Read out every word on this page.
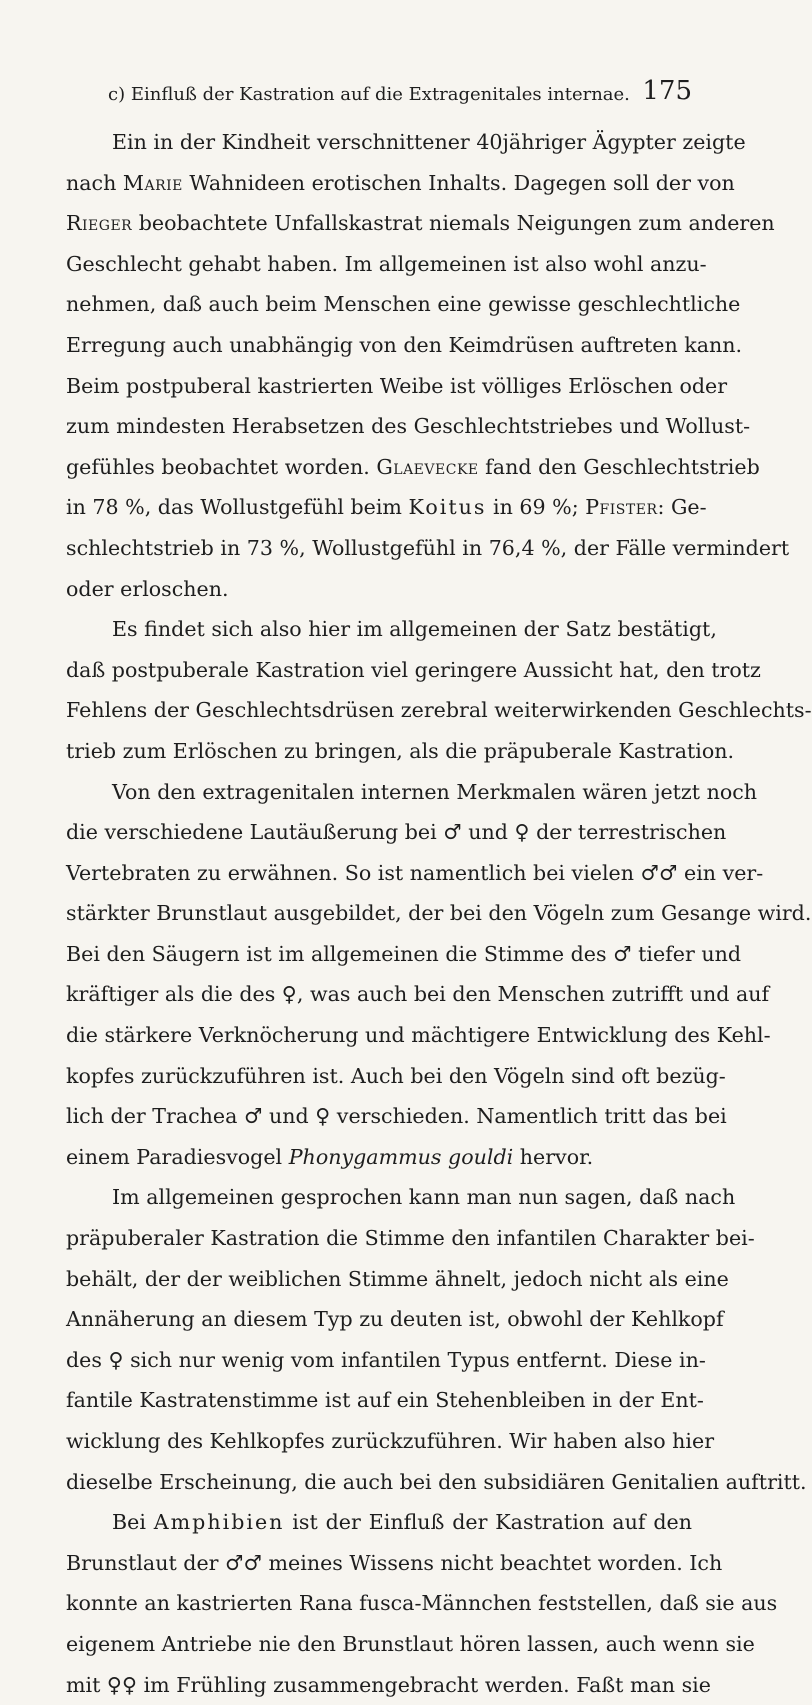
c) Einfluß der Kastration auf die Extragenitales internae. 175
Ein in der Kindheit verschnittener 40jähriger Ägypter zeigte
nach Marie Wahnideen erotischen Inhalts. Dagegen soll der von
Rieger beobachtete Unfallskastrat niemals Neigungen zum anderen
Geschlecht gehabt haben. Im allgemeinen ist also wohl anzu-
nehmen, daß auch beim Menschen eine gewisse geschlechtliche
Erregung auch unabhängig von den Keimdrüsen auftreten kann.
Beim postpuberal kastrierten Weibe ist völliges Erlöschen oder
zum mindesten Herabsetzen des Geschlechtstriebes und Wollust-
gefühles beobachtet worden. Glaevecke fand den Geschlechtstrieb
in 78 %, das Wollustgefühl beim Koitus in 69 %; Pfister: Ge-
schlechtstrieb in 73 %, Wollustgefühl in 76,4 %, der Fälle vermindert
oder erloschen.
Es findet sich also hier im allgemeinen der Satz bestätigt,
daß postpuberale Kastration viel geringere Aussicht hat, den trotz
Fehlens der Geschlechtsdrüsen zerebral weiterwirkenden Geschlechts-
trieb zum Erlöschen zu bringen, als die präpuberale Kastration.
Von den extragenitalen internen Merkmalen wären jetzt noch
die verschiedene Lautäußerung bei ♂ und ♀ der terrestrischen
Vertebraten zu erwähnen. So ist namentlich bei vielen ♂♂ ein ver-
stärkter Brunstlaut ausgebildet, der bei den Vögeln zum Gesange wird.
Bei den Säugern ist im allgemeinen die Stimme des ♂ tiefer und
kräftiger als die des ♀, was auch bei den Menschen zutrifft und auf
die stärkere Verknöcherung und mächtigere Entwicklung des Kehl-
kopfes zurückzuführen ist. Auch bei den Vögeln sind oft bezüg-
lich der Trachea ♂ und ♀ verschieden. Namentlich tritt das bei
einem Paradiesvogel Phonygammus gouldi hervor.
Im allgemeinen gesprochen kann man nun sagen, daß nach
präpuberaler Kastration die Stimme den infantilen Charakter bei-
behält, der der weiblichen Stimme ähnelt, jedoch nicht als eine
Annäherung an diesem Typ zu deuten ist, obwohl der Kehlkopf
des ♀ sich nur wenig vom infantilen Typus entfernt. Diese in-
fantile Kastratenstimme ist auf ein Stehenbleiben in der Ent-
wicklung des Kehlkopfes zurückzuführen. Wir haben also hier
dieselbe Erscheinung, die auch bei den subsidiären Genitalien auftritt.
Bei Amphibien ist der Einfluß der Kastration auf den
Brunstlaut der ♂♂ meines Wissens nicht beachtet worden. Ich
konnte an kastrierten Rana fusca-Männchen feststellen, daß sie aus
eigenem Antriebe nie den Brunstlaut hören lassen, auch wenn sie
mit ♀♀ im Frühling zusammengebracht werden. Faßt man sie
